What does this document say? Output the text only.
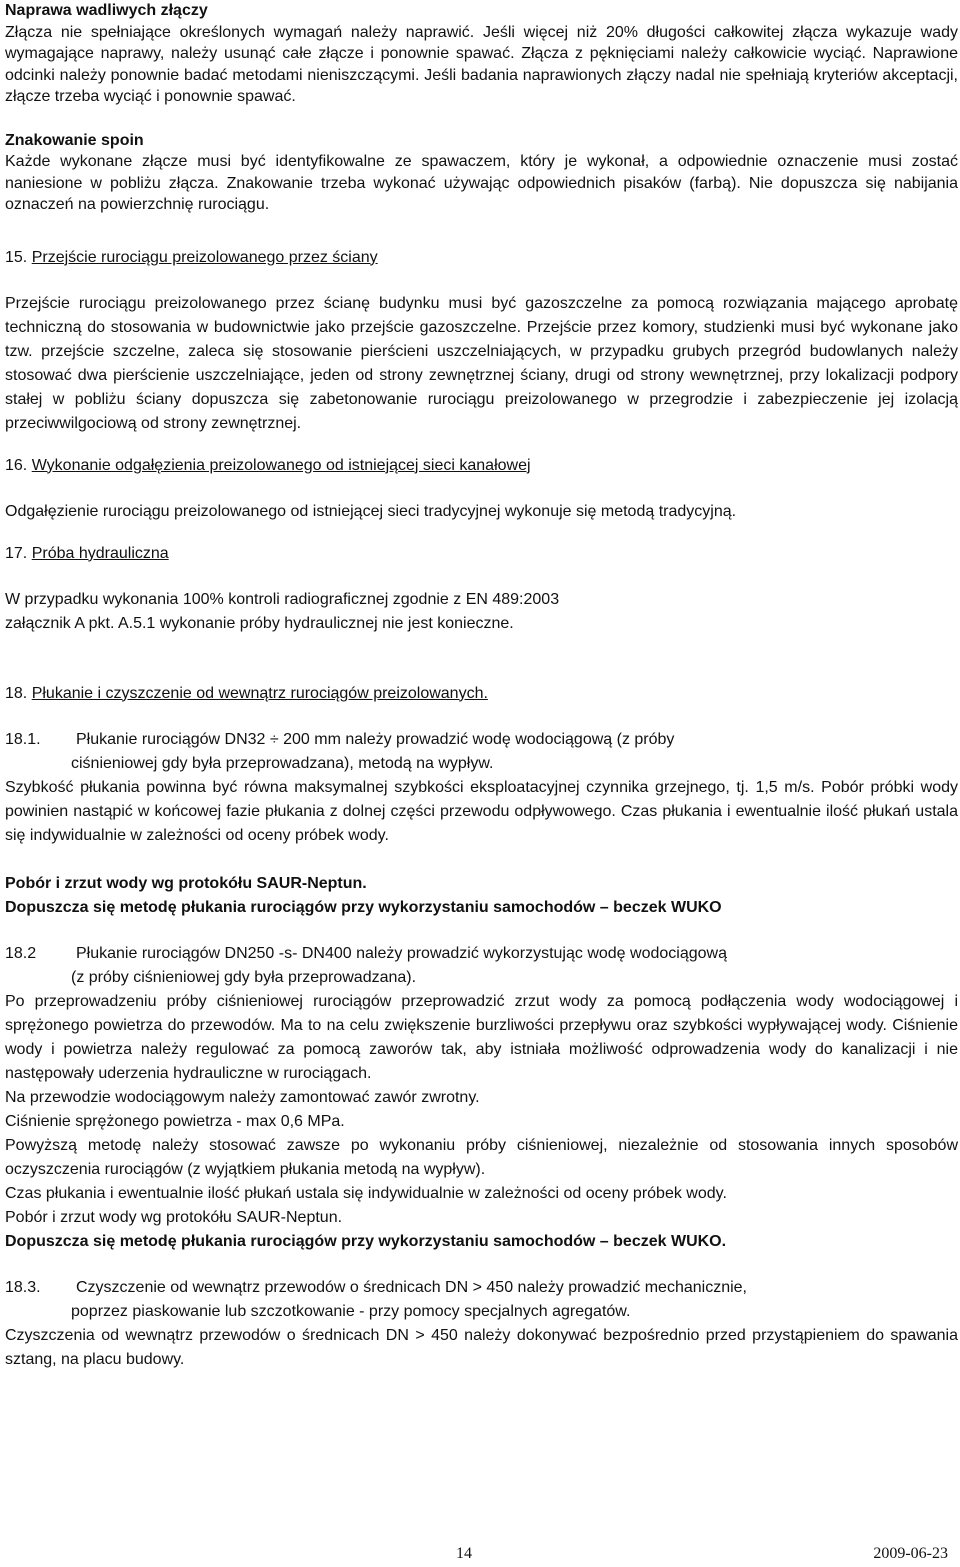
Naprawa wadliwych złączy

Złącza nie spełniające określonych wymagań należy naprawić. Jeśli więcej niż 20% długości całkowitej złącza wykazuje wady wymagające naprawy, należy usunąć całe złącze i ponownie spawać. Złącza z pęknięciami należy całkowicie wyciąć. Naprawione odcinki należy ponownie badać metodami nieniszczącymi. Jeśli badania naprawionych złączy nadal nie spełniają kryteriów akceptacji, złącze trzeba wyciąć i ponownie spawać.

Znakowanie spoin

Każde wykonane złącze musi być identyfikowalne ze spawaczem, który je wykonał, a odpowiednie oznaczenie musi zostać naniesione w pobliżu złącza. Znakowanie trzeba wykonać używając odpowiednich pisaków (farbą). Nie dopuszcza się nabijania oznaczeń na powierzchnię rurociągu.

15. Przejście rurociągu preizolowanego przez ściany

Przejście rurociągu preizolowanego przez ścianę budynku musi być gazoszczelne za pomocą rozwiązania mającego aprobatę techniczną do stosowania w budownictwie jako przejście gazoszczelne. Przejście przez komory, studzienki musi być wykonane jako tzw. przejście szczelne, zaleca się stosowanie pierścieni uszczelniających, w przypadku grubych przegród budowlanych należy stosować dwa pierścienie uszczelniające, jeden od strony zewnętrznej ściany, drugi od strony wewnętrznej, przy lokalizacji podpory stałej w pobliżu ściany dopuszcza się zabetonowanie rurociągu preizolowanego w przegrodzie i zabezpieczenie jej izolacją przeciwwilgociową od strony zewnętrznej.

16. Wykonanie odgałęzienia preizolowanego od istniejącej sieci kanałowej

Odgałęzienie rurociągu preizolowanego od istniejącej sieci tradycyjnej wykonuje się metodą tradycyjną.

17. Próba hydrauliczna

W przypadku wykonania 100% kontroli radiograficznej zgodnie z EN 489:2003

załącznik A pkt. A.5.1 wykonanie próby hydraulicznej nie jest konieczne.

18. Płukanie i czyszczenie od wewnątrz rurociągów preizolowanych.

18.1.	Płukanie rurociągów DN32 ÷ 200 mm należy prowadzić wodę wodociągową (z próby

ciśnieniowej gdy była przeprowadzana), metodą na wypływ.

Szybkość płukania powinna być równa maksymalnej szybkości eksploatacyjnej czynnika grzejnego, tj. 1,5 m/s. Pobór próbki wody powinien nastąpić w końcowej fazie płukania z dolnej części przewodu odpływowego. Czas płukania i ewentualnie ilość płukań ustala się indywidualnie w zależności od oceny próbek wody.

Pobór i zrzut wody wg protokółu SAUR-Neptun.

Dopuszcza się metodę płukania rurociągów przy wykorzystaniu samochodów – beczek WUKO

18.2	Płukanie rurociągów DN250 -s- DN400 należy prowadzić wykorzystując wodę wodociągową

(z próby ciśnieniowej gdy była przeprowadzana).

Po przeprowadzeniu próby ciśnieniowej rurociągów przeprowadzić zrzut wody za pomocą podłączenia wody wodociągowej i sprężonego powietrza do przewodów. Ma to na celu zwiększenie burzliwości przepływu oraz szybkości wypływającej wody. Ciśnienie wody i powietrza należy regulować za pomocą zaworów tak, aby istniała możliwość odprowadzenia wody do kanalizacji i nie następowały uderzenia hydrauliczne w rurociągach.

Na przewodzie wodociągowym należy zamontować zawór zwrotny.

Ciśnienie sprężonego powietrza - max 0,6 MPa.

Powyższą metodę należy stosować zawsze po wykonaniu próby ciśnieniowej, niezależnie od stosowania innych sposobów oczyszczenia rurociągów (z wyjątkiem płukania metodą na wypływ).

Czas płukania i ewentualnie ilość płukań ustala się indywidualnie w zależności od oceny próbek wody.

Pobór i zrzut wody wg protokółu SAUR-Neptun.

Dopuszcza się metodę płukania rurociągów przy wykorzystaniu samochodów – beczek WUKO.

18.3.	Czyszczenie od wewnątrz przewodów o średnicach DN > 450 należy prowadzić mechanicznie,

poprzez piaskowanie lub szczotkowanie - przy pomocy specjalnych agregatów.

Czyszczenia od wewnątrz przewodów o średnicach DN > 450 należy dokonywać bezpośrednio przed przystąpieniem do spawania sztang, na placu budowy.

14	2009-06-23
